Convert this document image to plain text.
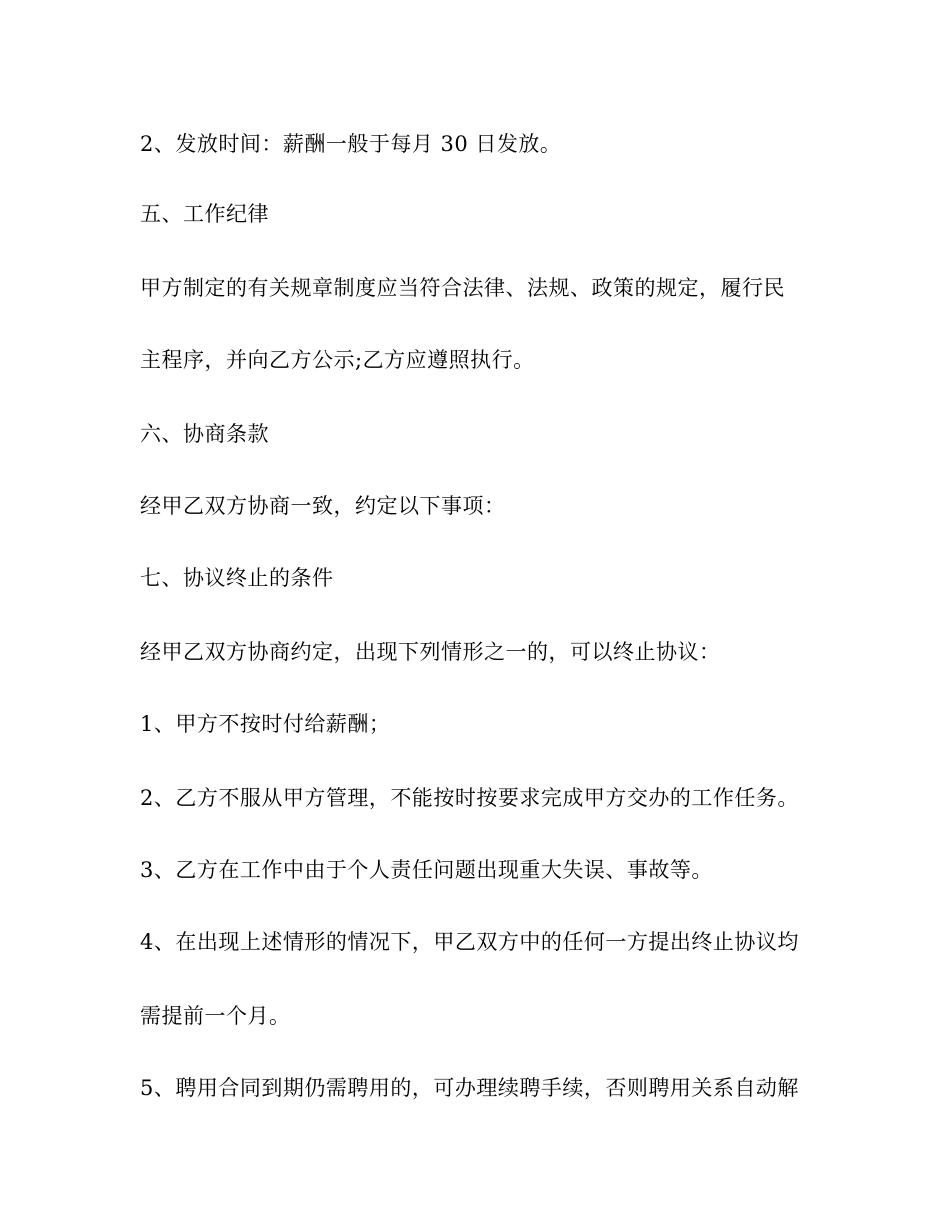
2、发放时间：薪酬一般于每月 30 日发放。
五、工作纪律
甲方制定的有关规章制度应当符合法律、法规、政策的规定，履行民
主程序，并向乙方公示;乙方应遵照执行。
六、协商条款
经甲乙双方协商一致，约定以下事项：
七、协议终止的条件
经甲乙双方协商约定，出现下列情形之一的，可以终止协议：
1、甲方不按时付给薪酬；
2、乙方不服从甲方管理，不能按时按要求完成甲方交办的工作任务。
3、乙方在工作中由于个人责任问题出现重大失误、事故等。
4、在出现上述情形的情况下，甲乙双方中的任何一方提出终止协议均
需提前一个月。
5、聘用合同到期仍需聘用的，可办理续聘手续，否则聘用关系自动解
